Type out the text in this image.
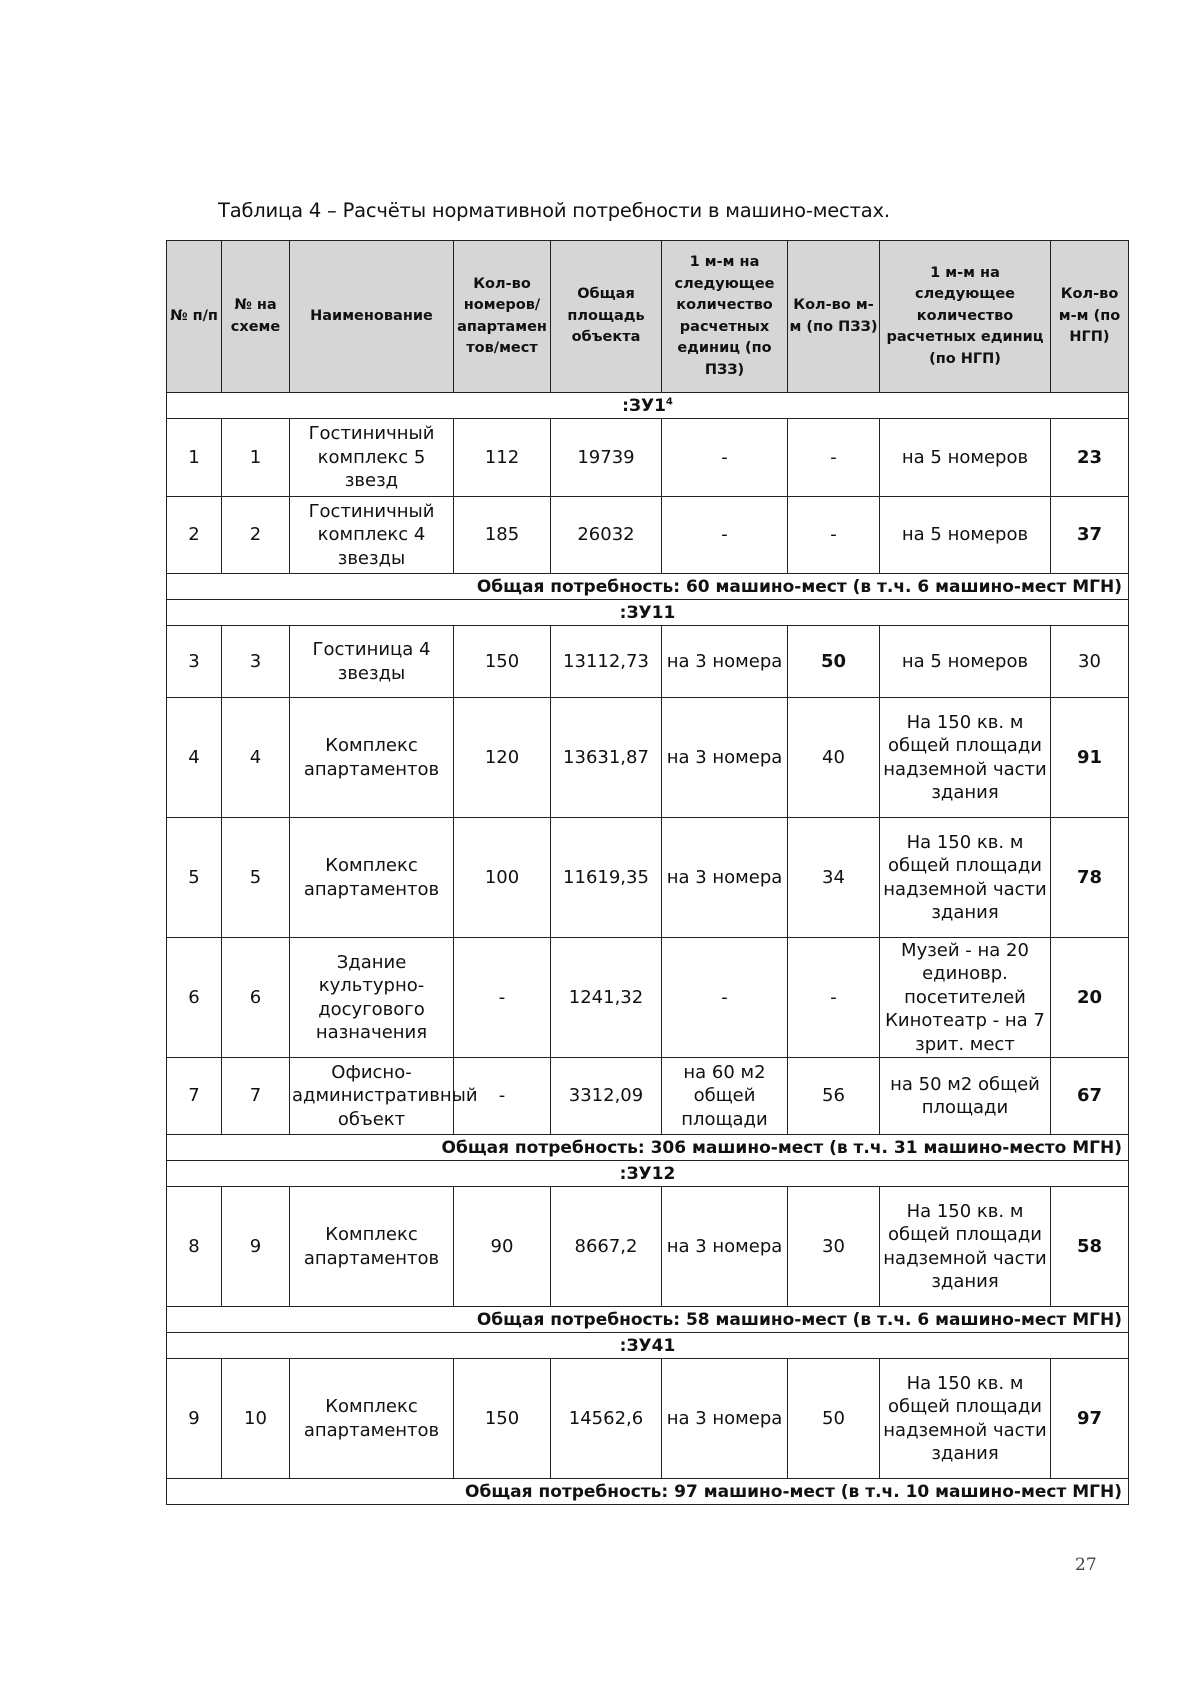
Таблица 4 – Расчёты нормативной потребности в машино-местах.
№ п/п	№ на схеме	Наименование	Кол-во номеров/апартаментов/мест	Общая площадь объекта	1 м-м на следующее количество расчетных единиц (по ПЗЗ)	Кол-во м-м (по ПЗЗ)	1 м-м на следующее количество расчетных единиц (по НГП)	Кол-во м-м (по НГП)
$:ЗУ1^4$
1	1	Гостиничный комплекс 5 звезд	112	19739	-	-	на 5 номеров	23
2	2	Гостиничный комплекс 4 звезды	185	26032	-	-	на 5 номеров	37
Общая потребность: 60 машино-мест (в т.ч. 6 машино-мест МГН)								
:ЗУ11								
3	3	Гостиница 4 звезды	150	13112,73	на 3 номера	50	на 5 номеров	30
4	4	Комплекс апартаментов	120	13631,87	на 3 номера	40	На 150 кв. м общей площади надземной части здания	91
5	5	Комплекс апартаментов	100	11619,35	на 3 номера	34	На 150 кв. м общей площади надземной части здания	78
6	6	Здание культурно-досугового назначения	-	1241,32	-	-	Музей - на 20 единовр. посетителей Кинотеатр - на 7 зрит. мест	20
7	7	Офисно-административный объект	-	3312,09	на 60 м2 общей площади	56	на 50 м2 общей площади	67
Общая потребность: 306 машино-мест (в т.ч. 31 машино-место МГН)								
:ЗУ12								
8	9	Комплекс апартаментов	90	8667,2	на 3 номера	30	На 150 кв. м общей площади надземной части здания	58
Общая потребность: 58 машино-мест (в т.ч. 6 машино-мест МГН)								
:ЗУ41								
9	10	Комплекс апартаментов	150	14562,6	на 3 номера	50	На 150 кв. м общей площади надземной части здания	97
Общая потребность: 97 машино-мест (в т.ч. 10 машино-мест МГН)								
27
